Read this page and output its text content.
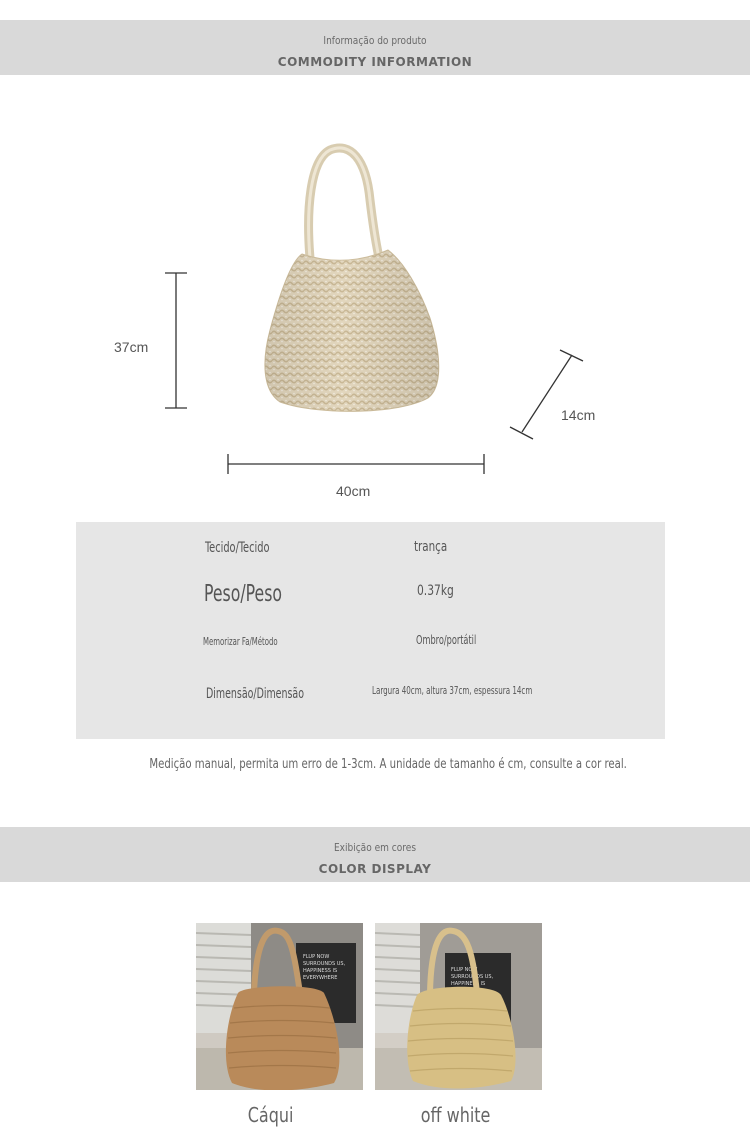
Informação do produto
COMMODITY INFORMATION
37cm
14cm
40cm
Tecido/Tecido	trança
Peso/Peso	0.37kg
Memorizar Fa/Método	Ombro/portátil
Dimensão/Dimensão	Largura 40cm, altura 37cm, espessura 14cm
Medição manual, permita um erro de 1-3cm. A unidade de tamanho é cm, consulte a cor real.
Exibição em cores
COLOR DISPLAY
FLUP NOW
SURROUNDS US,
HAPPINESS IS
EVERYWHERE
FLUP NOW
SURROUNDS US,
HAPPINESS IS
Cáqui	off white
